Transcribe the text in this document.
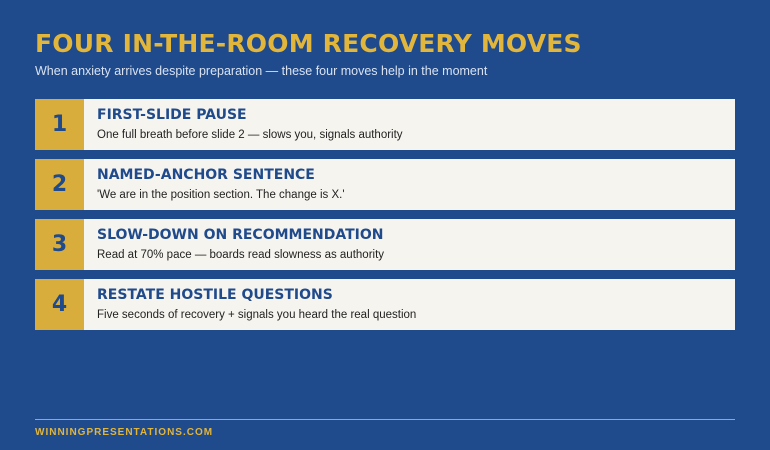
FOUR IN-THE-ROOM RECOVERY MOVES

When anxiety arrives despite preparation — these four moves help in the moment

1	FIRST-SLIDE PAUSE
One full breath before slide 2 — slows you, signals authority
2	NAMED-ANCHOR SENTENCE
'We are in the position section. The change is X.'
3	SLOW-DOWN ON RECOMMENDATION
Read at 70% pace — boards read slowness as authority
4	RESTATE HOSTILE QUESTIONS
Five seconds of recovery + signals you heard the real question

WINNINGPRESENTATIONS.COM
